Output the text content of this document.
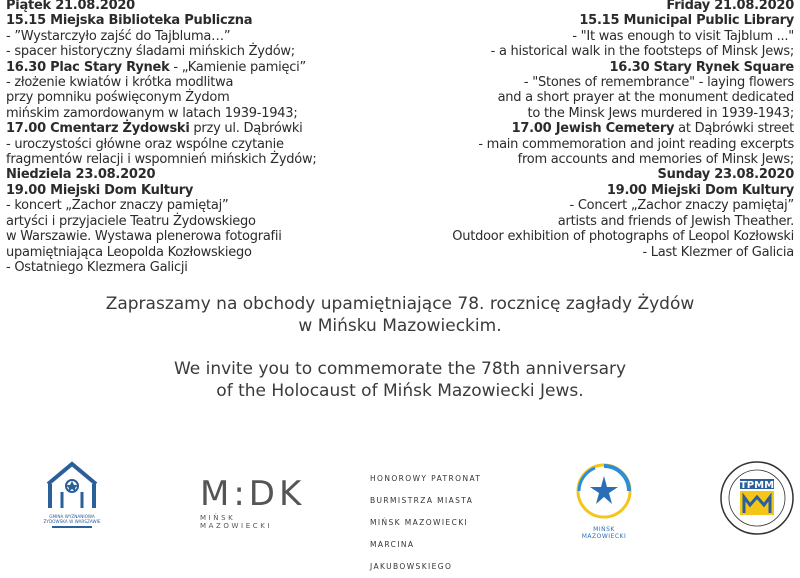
Piątek 21.08.2020
15.15 Miejska Biblioteka Publiczna
- ”Wystarczyło zajść do Tajbluma…”
- spacer historyczny śladami mińskich Żydów;
16.30 Plac Stary Rynek - „Kamienie pamięci”
- złożenie kwiatów i krótka modlitwa
przy pomniku poświęconym Żydom
mińskim zamordowanym w latach 1939-1943;
17.00 Cmentarz Żydowski przy ul. Dąbrówki
- uroczystości główne oraz wspólne czytanie
fragmentów relacji i wspomnień mińskich Żydów;
Niedziela 23.08.2020
19.00 Miejski Dom Kultury
- koncert „Zachor znaczy pamiętaj”
artyści i przyjaciele Teatru Żydowskiego
w Warszawie. Wystawa plenerowa fotografii
upamiętniająca Leopolda Kozłowskiego
- Ostatniego Klezmera Galicji
Friday 21.08.2020
15.15 Municipal Public Library
- "It was enough to visit Tajblum ..."
- a historical walk in the footsteps of Minsk Jews;
16.30 Stary Rynek Square
- "Stones of remembrance" - laying flowers
and a short prayer at the monument dedicated
to the Minsk Jews murdered in 1939-1943;
17.00 Jewish Cemetery at Dąbrówki street
- main commemoration and joint reading excerpts
from accounts and memories of Minsk Jews;
Sunday 23.08.2020
19.00 Miejski Dom Kultury
- Concert „Zachor znaczy pamiętaj”
artists and friends of Jewish Theather.
Outdoor exhibition of photographs of Leopol Kozłowski
- Last Klezmer of Galicia
Zapraszamy na obchody upamiętniające 78. rocznicę zagłady Żydów
w Mińsku Mazowieckim.
We invite you to commemorate the 78th anniversary
of the Holocaust of Mińsk Mazowiecki Jews.
GMINA WYZNANIOWA
ŻYDOWSKA W WARSZAWIE
M:DK
MIŃSK MAZOWIECKI
HONOROWY PATRONAT
BURMISTRZA MIASTA
MIŃSK MAZOWIECKI
MARCINA JAKUBOWSKIEGO
MIŃSK
MAZOWIECKI
TPMM
